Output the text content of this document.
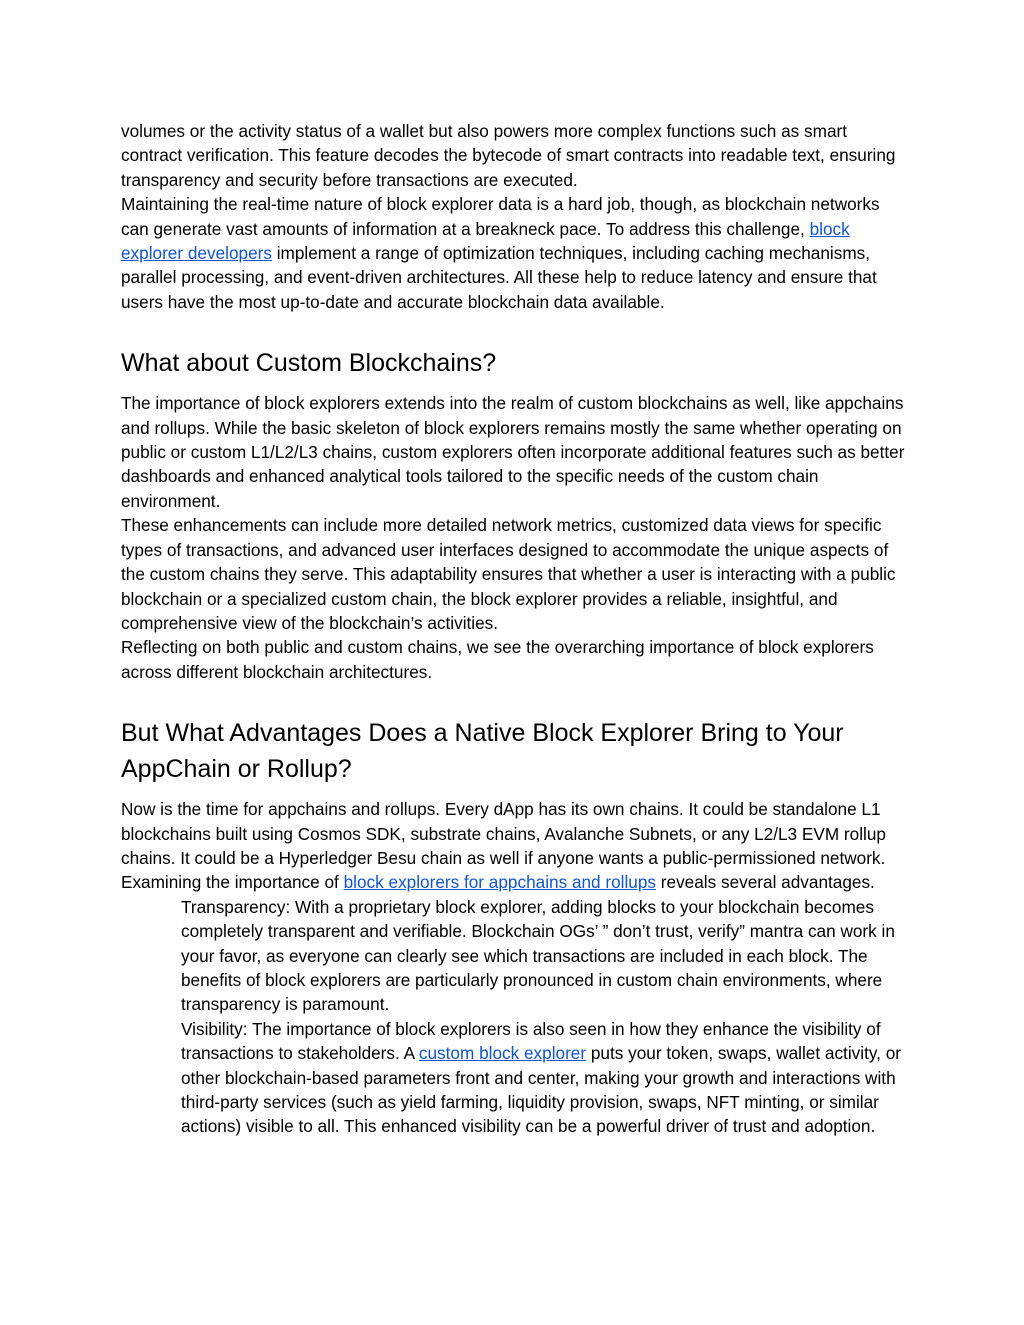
volumes or the activity status of a wallet but also powers more complex functions such as smart contract verification. This feature decodes the bytecode of smart contracts into readable text, ensuring transparency and security before transactions are executed.

Maintaining the real-time nature of block explorer data is a hard job, though, as blockchain networks can generate vast amounts of information at a breakneck pace. To address this challenge, block explorer developers implement a range of optimization techniques, including caching mechanisms, parallel processing, and event-driven architectures. All these help to reduce latency and ensure that users have the most up-to-date and accurate blockchain data available.

What about Custom Blockchains?

The importance of block explorers extends into the realm of custom blockchains as well, like appchains and rollups. While the basic skeleton of block explorers remains mostly the same whether operating on public or custom L1/L2/L3 chains, custom explorers often incorporate additional features such as better dashboards and enhanced analytical tools tailored to the specific needs of the custom chain environment.

These enhancements can include more detailed network metrics, customized data views for specific types of transactions, and advanced user interfaces designed to accommodate the unique aspects of the custom chains they serve. This adaptability ensures that whether a user is interacting with a public blockchain or a specialized custom chain, the block explorer provides a reliable, insightful, and comprehensive view of the blockchain’s activities.

Reflecting on both public and custom chains, we see the overarching importance of block explorers across different blockchain architectures.

But What Advantages Does a Native Block Explorer Bring to Your AppChain or Rollup?

Now is the time for appchains and rollups. Every dApp has its own chains. It could be standalone L1 blockchains built using Cosmos SDK, substrate chains, Avalanche Subnets, or any L2/L3 EVM rollup chains. It could be a Hyperledger Besu chain as well if anyone wants a public-permissioned network. Examining the importance of block explorers for appchains and rollups reveals several advantages.

Transparency: With a proprietary block explorer, adding blocks to your blockchain becomes completely transparent and verifiable. Blockchain OGs’ ” don’t trust, verify” mantra can work in your favor, as everyone can clearly see which transactions are included in each block. The benefits of block explorers are particularly pronounced in custom chain environments, where transparency is paramount.

Visibility: The importance of block explorers is also seen in how they enhance the visibility of transactions to stakeholders. A custom block explorer puts your token, swaps, wallet activity, or other blockchain-based parameters front and center, making your growth and interactions with third-party services (such as yield farming, liquidity provision, swaps, NFT minting, or similar actions) visible to all. This enhanced visibility can be a powerful driver of trust and adoption.
